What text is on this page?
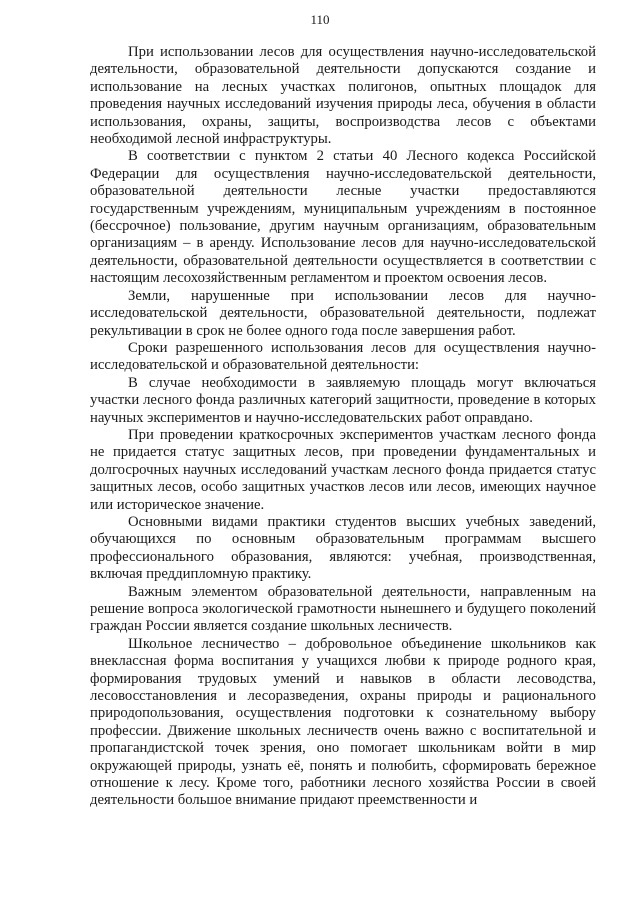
110

При использовании лесов для осуществления научно-исследовательской деятельности, образовательной деятельности допускаются создание и использование на лесных участках полигонов, опытных площадок для проведения научных исследований изучения природы леса, обучения в области использования, охраны, защиты, воспроизводства лесов с объектами необходимой лесной инфраструктуры.

В соответствии с пунктом 2 статьи 40 Лесного кодекса Российской Федерации для осуществления научно-исследовательской деятельности, образовательной деятельности лесные участки предоставляются государственным учреждениям, муниципальным учреждениям в постоянное (бессрочное) пользование, другим научным организациям, образовательным организациям – в аренду. Использование лесов для научно-исследовательской деятельности, образовательной деятельности осуществляется в соответствии с настоящим лесохозяйственным регламентом и проектом освоения лесов.

Земли, нарушенные при использовании лесов для научно-исследовательской деятельности, образовательной деятельности, подлежат рекультивации в срок не более одного года после завершения работ.

Сроки разрешенного использования лесов для осуществления научно-исследовательской и образовательной деятельности:

В случае необходимости в заявляемую площадь могут включаться участки лесного фонда различных категорий защитности, проведение в которых научных экспериментов и научно-исследовательских работ оправдано.

При проведении краткосрочных экспериментов участкам лесного фонда не придается статус защитных лесов, при проведении фундаментальных и долгосрочных научных исследований участкам лесного фонда придается статус защитных лесов, особо защитных участков лесов или лесов, имеющих научное или историческое значение.

Основными видами практики студентов высших учебных заведений, обучающихся по основным образовательным программам высшего профессионального образования, являются: учебная, производственная, включая преддипломную практику.

Важным элементом образовательной деятельности, направленным на решение вопроса экологической грамотности нынешнего и будущего поколений граждан России является создание школьных лесничеств.

Школьное лесничество – добровольное объединение школьников как внеклассная форма воспитания у учащихся любви к природе родного края, формирования трудовых умений и навыков в области лесоводства, лесовосстановления и лесоразведения, охраны природы и рационального природопользования, осуществления подготовки к сознательному выбору профессии. Движение школьных лесничеств очень важно с воспитательной и пропагандистской точек зрения, оно помогает школьникам войти в мир окружающей природы, узнать её, понять и полюбить, сформировать бережное отношение к лесу. Кроме того, работники лесного хозяйства России в своей деятельности большое внимание придают преемственности и
